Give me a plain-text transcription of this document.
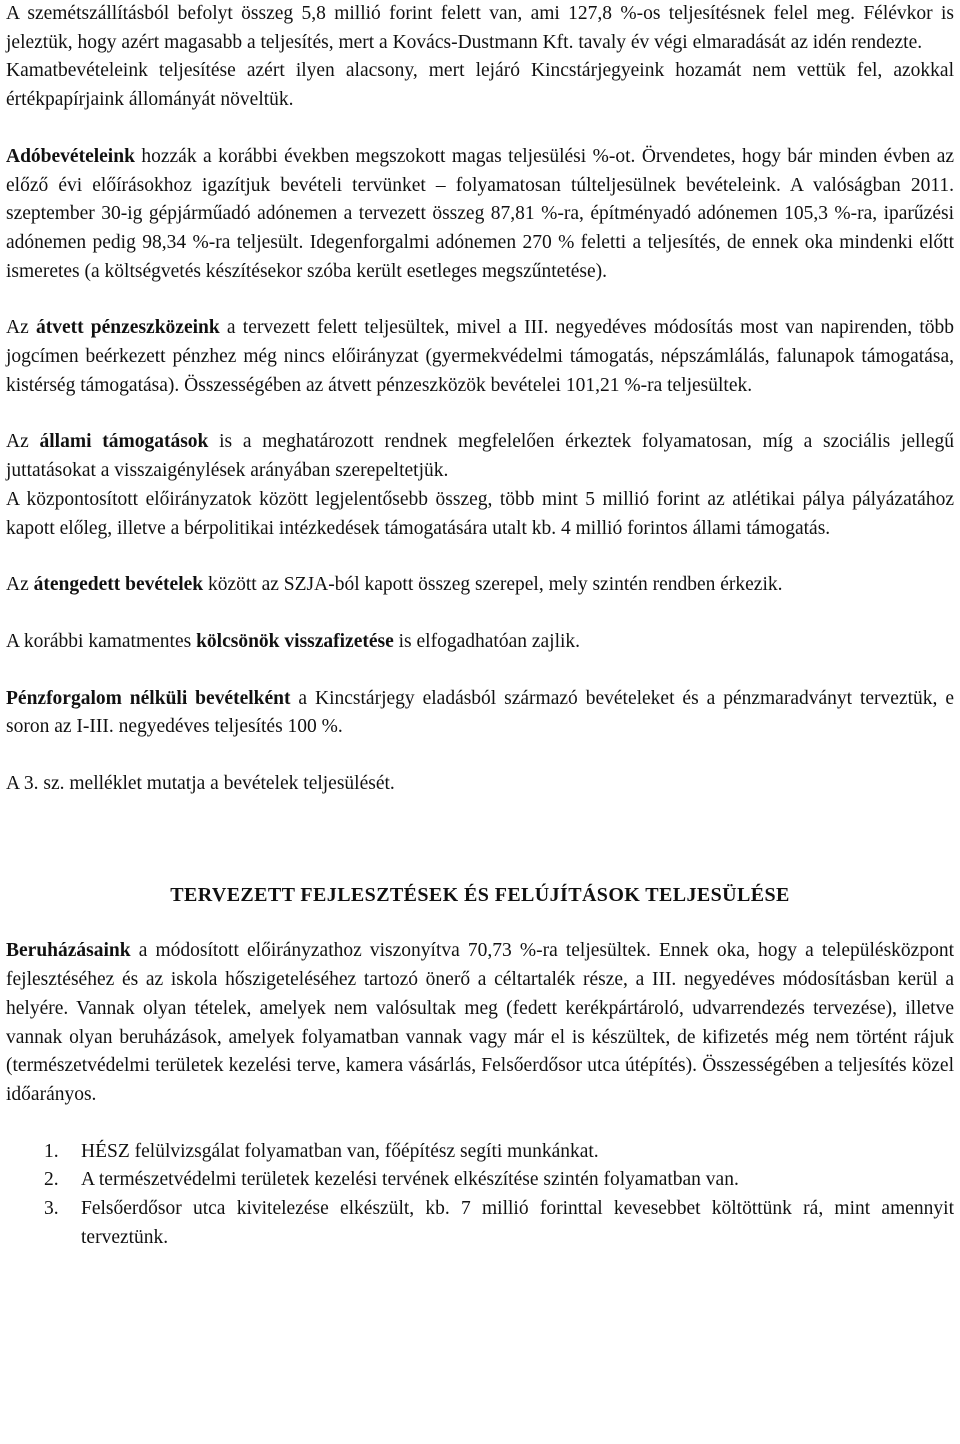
A szemétszállításból befolyt összeg 5,8 millió forint felett van, ami 127,8 %-os teljesítésnek felel meg. Félévkor is jeleztük, hogy azért magasabb a teljesítés, mert a Kovács-Dustmann Kft. tavaly év végi elmaradását az idén rendezte.

Kamatbevételeink teljesítése azért ilyen alacsony, mert lejáró Kincstárjegyeink hozamát nem vettük fel, azokkal értékpapírjaink állományát növeltük.

Adóbevételeink hozzák a korábbi években megszokott magas teljesülési %-ot. Örvendetes, hogy bár minden évben az előző évi előírásokhoz igazítjuk bevételi tervünket – folyamatosan túlteljesülnek bevételeink. A valóságban 2011. szeptember 30-ig gépjárműadó adónemen a tervezett összeg 87,81 %-ra, építményadó adónemen 105,3 %-ra, iparűzési adónemen pedig 98,34 %-ra teljesült. Idegenforgalmi adónemen 270 % feletti a teljesítés, de ennek oka mindenki előtt ismeretes (a költségvetés készítésekor szóba került esetleges megszűntetése).

Az átvett pénzeszközeink a tervezett felett teljesültek, mivel a III. negyedéves módosítás most van napirenden, több jogcímen beérkezett pénzhez még nincs előirányzat (gyermekvédelmi támogatás, népszámlálás, falunapok támogatása, kistérség támogatása). Összességében az átvett pénzeszközök bevételei 101,21 %-ra teljesültek.

Az állami támogatások is a meghatározott rendnek megfelelően érkeztek folyamatosan, míg a szociális jellegű juttatásokat a visszaigénylések arányában szerepeltetjük.

A központosított előirányzatok között legjelentősebb összeg, több mint 5 millió forint az atlétikai pálya pályázatához kapott előleg, illetve a bérpolitikai intézkedések támogatására utalt kb. 4 millió forintos állami támogatás.

Az átengedett bevételek között az SZJA-ból kapott összeg szerepel, mely szintén rendben érkezik.

A korábbi kamatmentes kölcsönök visszafizetése is elfogadhatóan zajlik.

Pénzforgalom nélküli bevételként a Kincstárjegy eladásból származó bevételeket és a pénzmaradványt terveztük, e soron az I-III. negyedéves teljesítés 100 %.

A 3. sz. melléklet mutatja a bevételek teljesülését.

TERVEZETT FEJLESZTÉSEK ÉS FELÚJÍTÁSOK TELJESÜLÉSE

Beruházásaink a módosított előirányzathoz viszonyítva 70,73 %-ra teljesültek. Ennek oka, hogy a településközpont fejlesztéséhez és az iskola hőszigeteléséhez tartozó önerő a céltartalék része, a III. negyedéves módosításban kerül a helyére. Vannak olyan tételek, amelyek nem valósultak meg (fedett kerékpártároló, udvarrendezés tervezése), illetve vannak olyan beruházások, amelyek folyamatban vannak vagy már el is készültek, de kifizetés még nem történt rájuk (természetvédelmi területek kezelési terve, kamera vásárlás, Felsőerdősor utca útépítés). Összességében a teljesítés közel időarányos.

1. HÉSZ felülvizsgálat folyamatban van, főépítész segíti munkánkat.
2. A természetvédelmi területek kezelési tervének elkészítése szintén folyamatban van.
3. Felsőerdősor utca kivitelezése elkészült, kb. 7 millió forinttal kevesebbet költöttünk rá, mint amennyit terveztünk.
